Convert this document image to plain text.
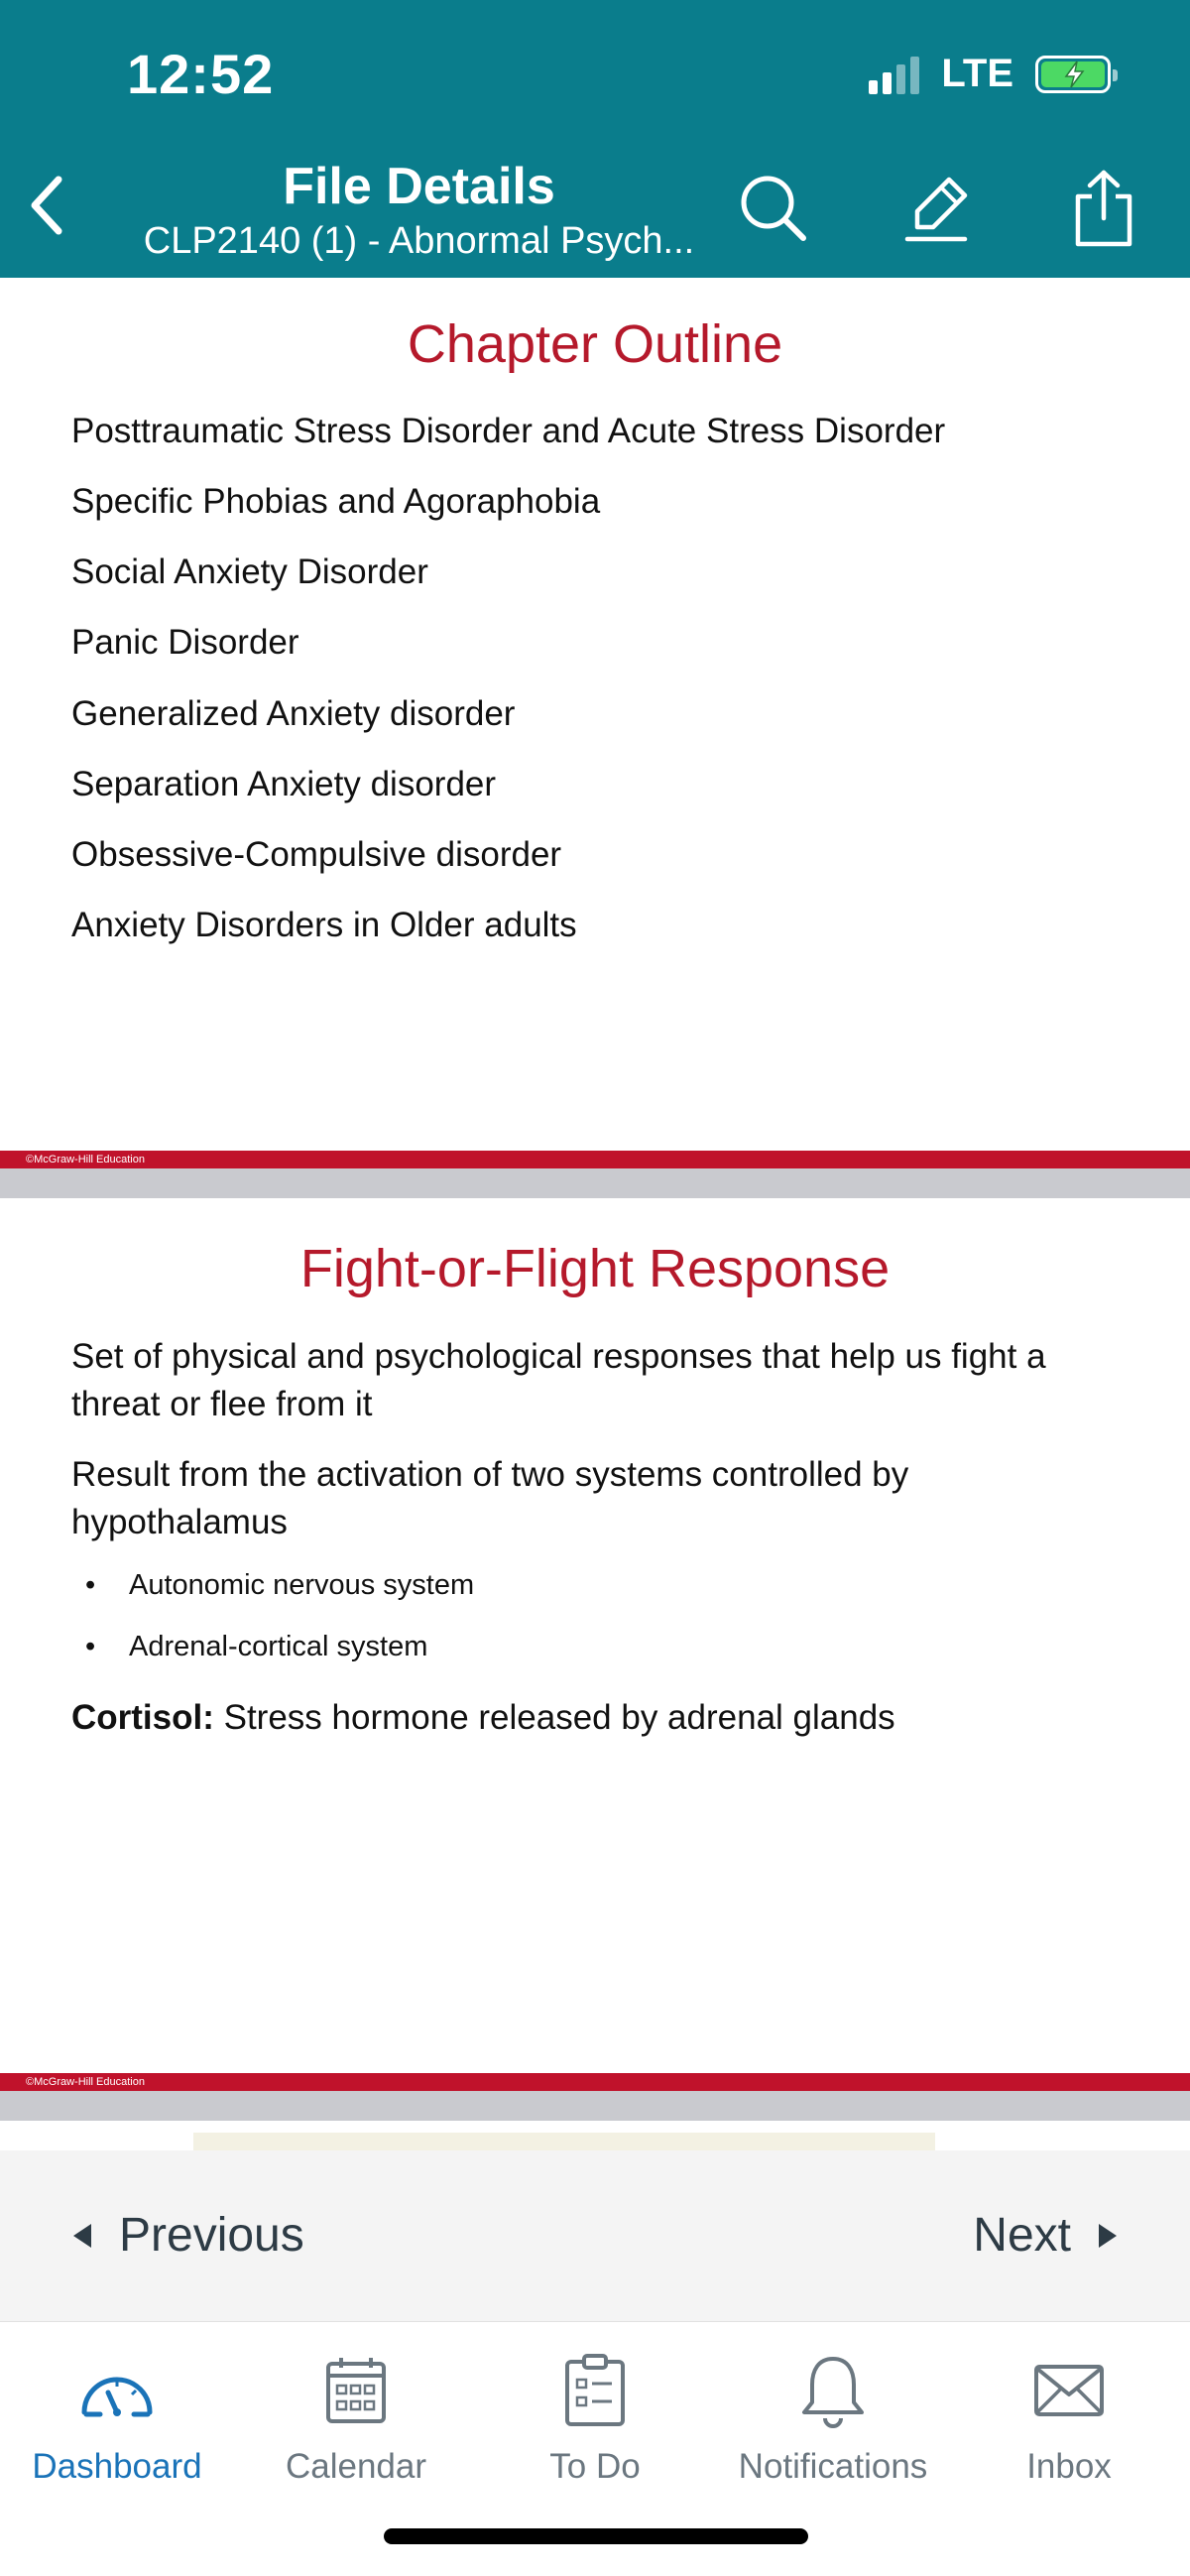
12:52	LTE
File Details
CLP2140 (1) - Abnormal Psych...
Chapter Outline
Posttraumatic Stress Disorder and Acute Stress Disorder
Specific Phobias and Agoraphobia
Social Anxiety Disorder
Panic Disorder
Generalized Anxiety disorder
Separation Anxiety disorder
Obsessive-Compulsive disorder
Anxiety Disorders in Older adults
©McGraw-Hill Education
Fight-or-Flight Response
Set of physical and psychological responses that help us fight a threat or flee from it
Result from the activation of two systems controlled by hypothalamus
• Autonomic nervous system
• Adrenal-cortical system
Cortisol: Stress hormone released by adrenal glands
©McGraw-Hill Education
Previous	Next
Dashboard	Calendar	To Do	Notifications	Inbox
